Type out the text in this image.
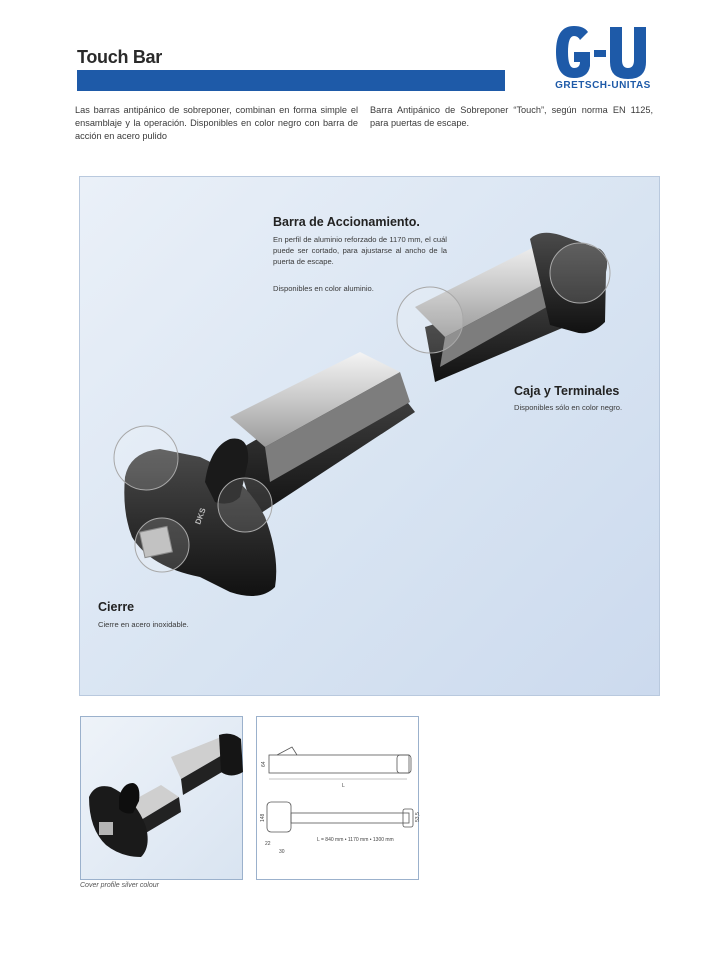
Touch Bar	G-U
GRETSCH-UNITAS

Las barras antipánico de sobreponer, combinan en forma simple el ensamblaje y la operación. Disponibles en color negro con barra de acción en acero pulido

Barra Antipánico de Sobreponer “Touch”, según norma EN 1125, para puertas de escape.

DKS
Barra de Accionamiento.
En perfil de aluminio reforzado de 1170 mm, el cuál puede ser cortado, para ajustarse al ancho de la puerta de escape.
Disponibles en color aluminio.
Caja y Terminales
Disponibles sólo en color negro.
Cierre
Cierre en acero inoxidable.
Cover profile silver colour
L
64
148
22
30
53,5
L = 840 mm • 1170 mm • 1300 mm
